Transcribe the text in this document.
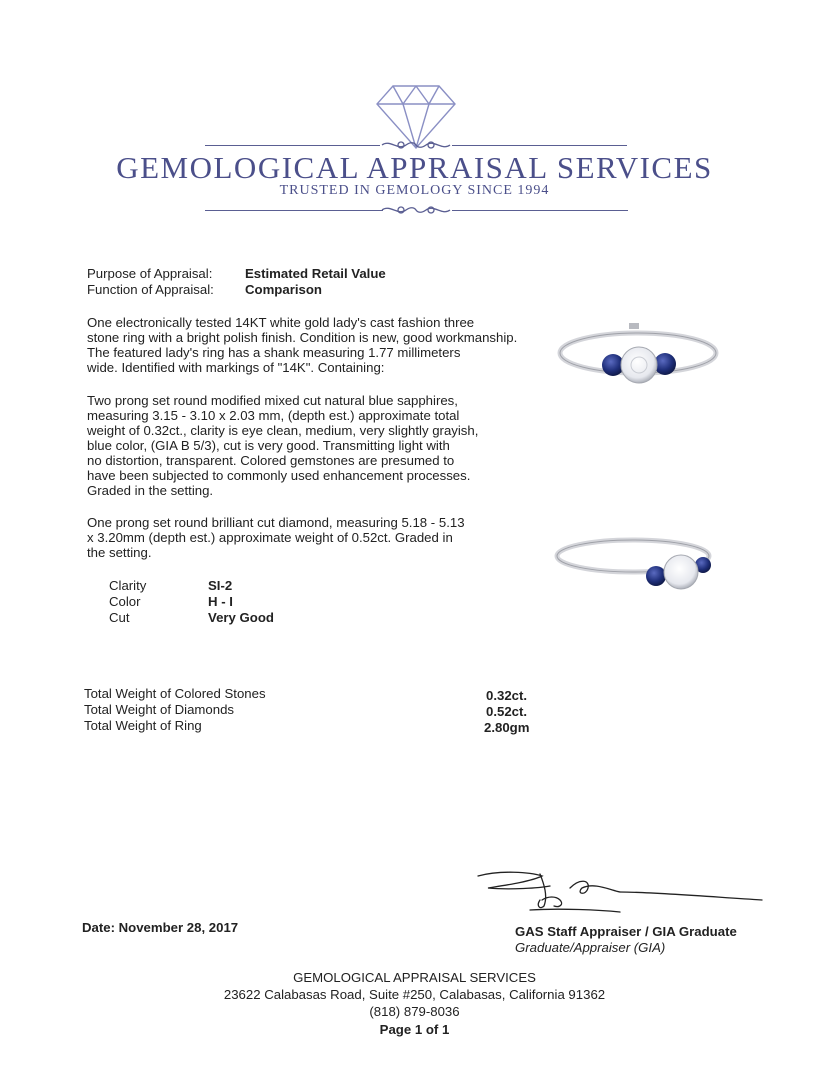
GEMOLOGICAL APPRAISAL SERVICES
TRUSTED IN GEMOLOGY SINCE 1994
Purpose of Appraisal: Estimated Retail Value
Function of Appraisal: Comparison
One electronically tested 14KT white gold lady's cast fashion three
stone ring with a bright polish finish. Condition is new, good workmanship.
The featured lady's ring has a shank measuring 1.77 millimeters
wide. Identified with markings of "14K". Containing:
Two prong set round modified mixed cut natural blue sapphires,
measuring 3.15 - 3.10 x 2.03 mm, (depth est.) approximate total
weight of 0.32ct., clarity is eye clean, medium, very slightly grayish,
blue color, (GIA B 5/3), cut is very good. Transmitting light with
no distortion, transparent. Colored gemstones are presumed to
have been subjected to commonly used enhancement processes.
Graded in the setting.
One prong set round brilliant cut diamond, measuring 5.18 - 5.13
x 3.20mm (depth est.) approximate weight of 0.52ct. Graded in
the setting.
Clarity	SI-2
Color	H - I
Cut	Very Good
Total Weight of Colored Stones	0.32ct.
Total Weight of Diamonds	0.52ct.
Total Weight of Ring	2.80gm
Date: November 28, 2017	GAS Staff Appraiser / GIA Graduate
Graduate/Appraiser (GIA)
GEMOLOGICAL APPRAISAL SERVICES
23622 Calabasas Road, Suite #250, Calabasas, California 91362
(818) 879-8036
Page 1 of 1
